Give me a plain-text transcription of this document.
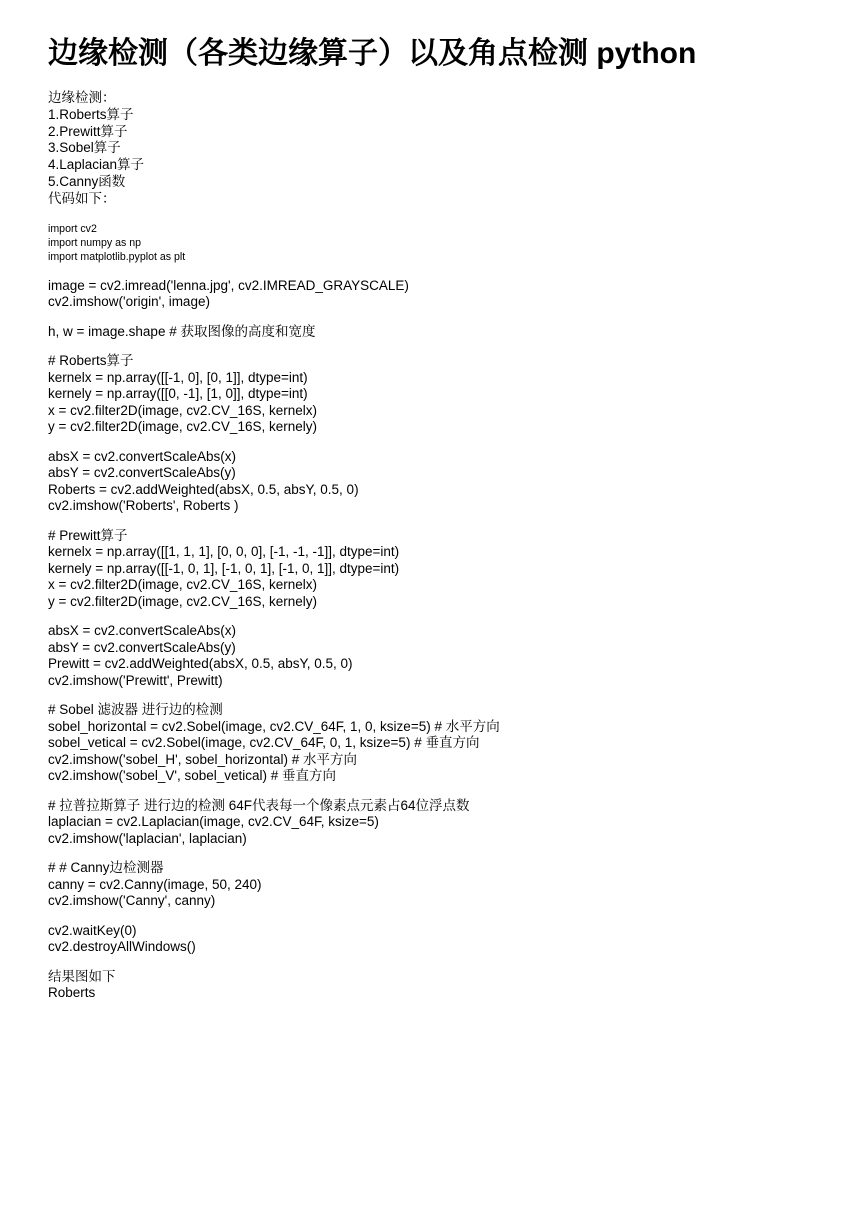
边缘检测（各类边缘算子）以及角点检测 python
边缘检测：
1.Roberts算子
2.Prewitt算子
3.Sobel算子
4.Laplacian算子
5.Canny函数
代码如下：
import cv2
import numpy as np
import matplotlib.pyplot as plt
image = cv2.imread('lenna.jpg', cv2.IMREAD_GRAYSCALE)
cv2.imshow('origin', image)
h, w = image.shape # 获取图像的高度和宽度
# Roberts算子
kernelx = np.array([[-1, 0], [0, 1]], dtype=int)
kernely = np.array([[0, -1], [1, 0]], dtype=int)
x = cv2.filter2D(image, cv2.CV_16S, kernelx)
y = cv2.filter2D(image, cv2.CV_16S, kernely)
absX = cv2.convertScaleAbs(x)
absY = cv2.convertScaleAbs(y)
Roberts = cv2.addWeighted(absX, 0.5, absY, 0.5, 0)
cv2.imshow('Roberts', Roberts )
# Prewitt算子
kernelx = np.array([[1, 1, 1], [0, 0, 0], [-1, -1, -1]], dtype=int)
kernely = np.array([[-1, 0, 1], [-1, 0, 1], [-1, 0, 1]], dtype=int)
x = cv2.filter2D(image, cv2.CV_16S, kernelx)
y = cv2.filter2D(image, cv2.CV_16S, kernely)
absX = cv2.convertScaleAbs(x)
absY = cv2.convertScaleAbs(y)
Prewitt = cv2.addWeighted(absX, 0.5, absY, 0.5, 0)
cv2.imshow('Prewitt', Prewitt)
# Sobel 滤波器 进行边的检测
sobel_horizontal = cv2.Sobel(image, cv2.CV_64F, 1, 0, ksize=5) # 水平方向
sobel_vetical = cv2.Sobel(image, cv2.CV_64F, 0, 1, ksize=5) # 垂直方向
cv2.imshow('sobel_H', sobel_horizontal) # 水平方向
cv2.imshow('sobel_V', sobel_vetical) # 垂直方向
# 拉普拉斯算子 进行边的检测 64F代表每一个像素点元素占64位浮点数
laplacian = cv2.Laplacian(image, cv2.CV_64F, ksize=5)
cv2.imshow('laplacian', laplacian)
# # Canny边检测器
canny = cv2.Canny(image, 50, 240)
cv2.imshow('Canny', canny)
cv2.waitKey(0)
cv2.destroyAllWindows()
结果图如下
Roberts
